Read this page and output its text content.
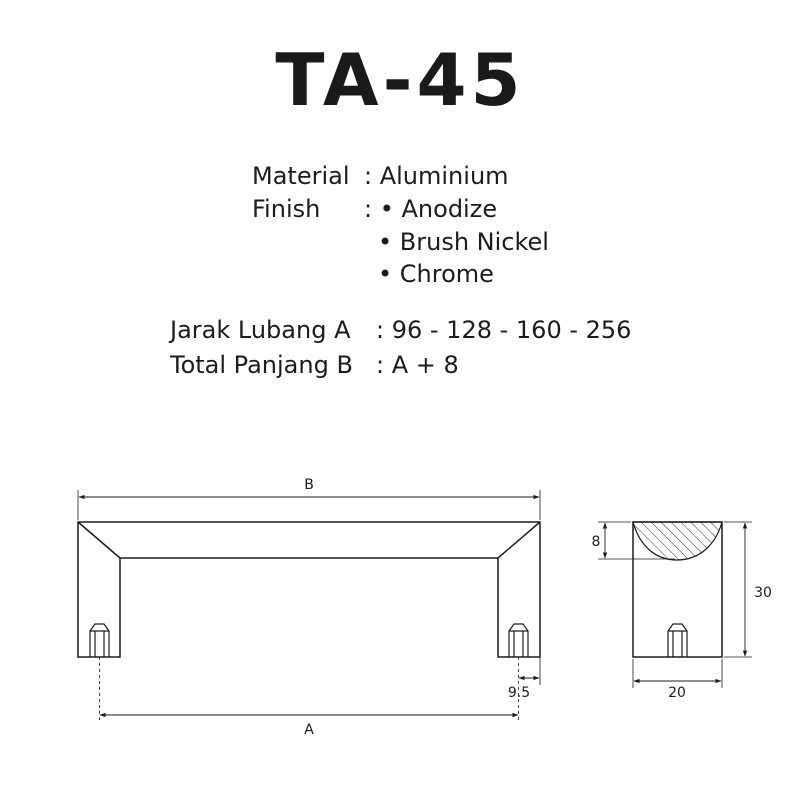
TA-45
Material : Aluminium
Finish : • Anodize
• Brush Nickel
• Chrome
Jarak Lubang A : 96 - 128 - 160 - 256
Total Panjang B : A + 8
B
9.5
A
8
30
20
